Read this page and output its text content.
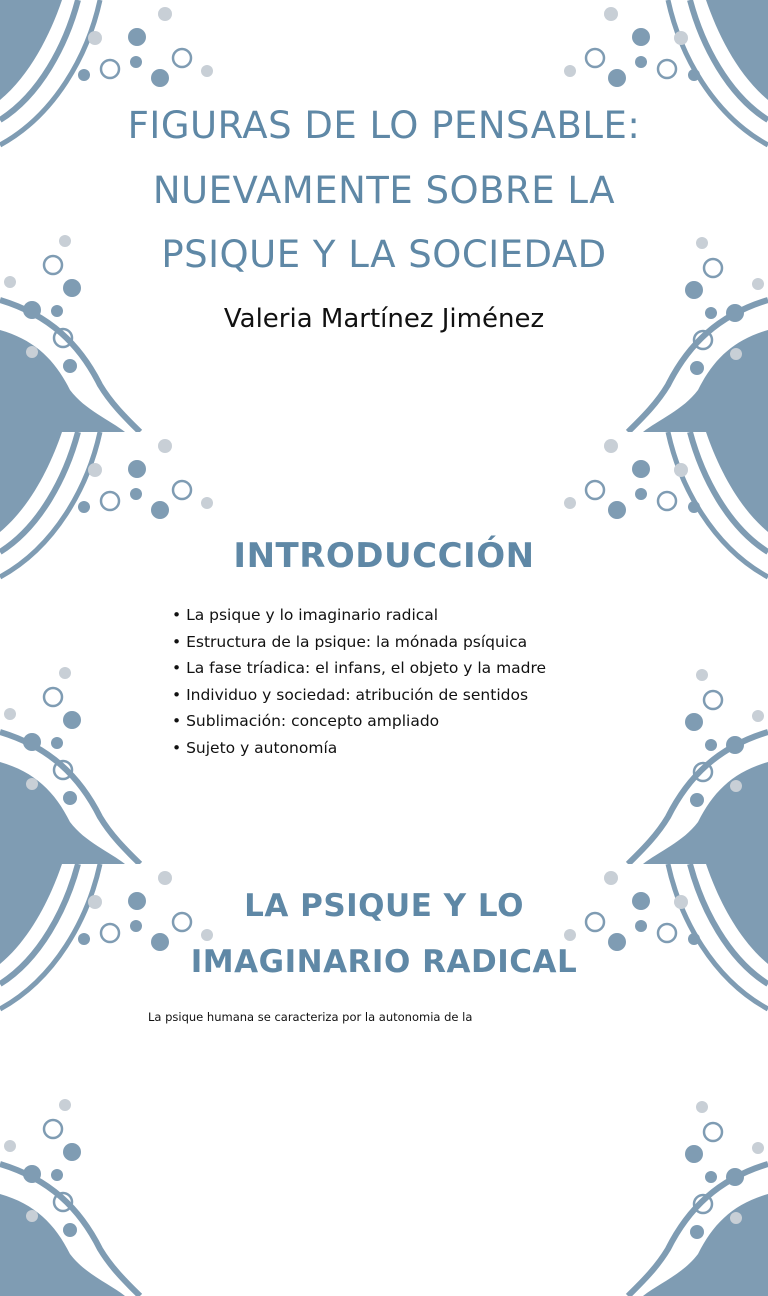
FIGURAS DE LO PENSABLE:
NUEVAMENTE SOBRE LA
PSIQUE Y LA SOCIEDAD

Valeria Martínez Jiménez

INTRODUCCIÓN
• La psique y lo imaginario radical
• Estructura de la psique: la mónada psíquica
• La fase tríadica: el infans, el objeto y la madre
• Individuo y sociedad: atribución de sentidos
• Sublimación: concepto ampliado
• Sujeto y autonomía
LA PSIQUE Y LO
IMAGINARIO RADICAL

La psique humana se caracteriza por la autonomia de la
